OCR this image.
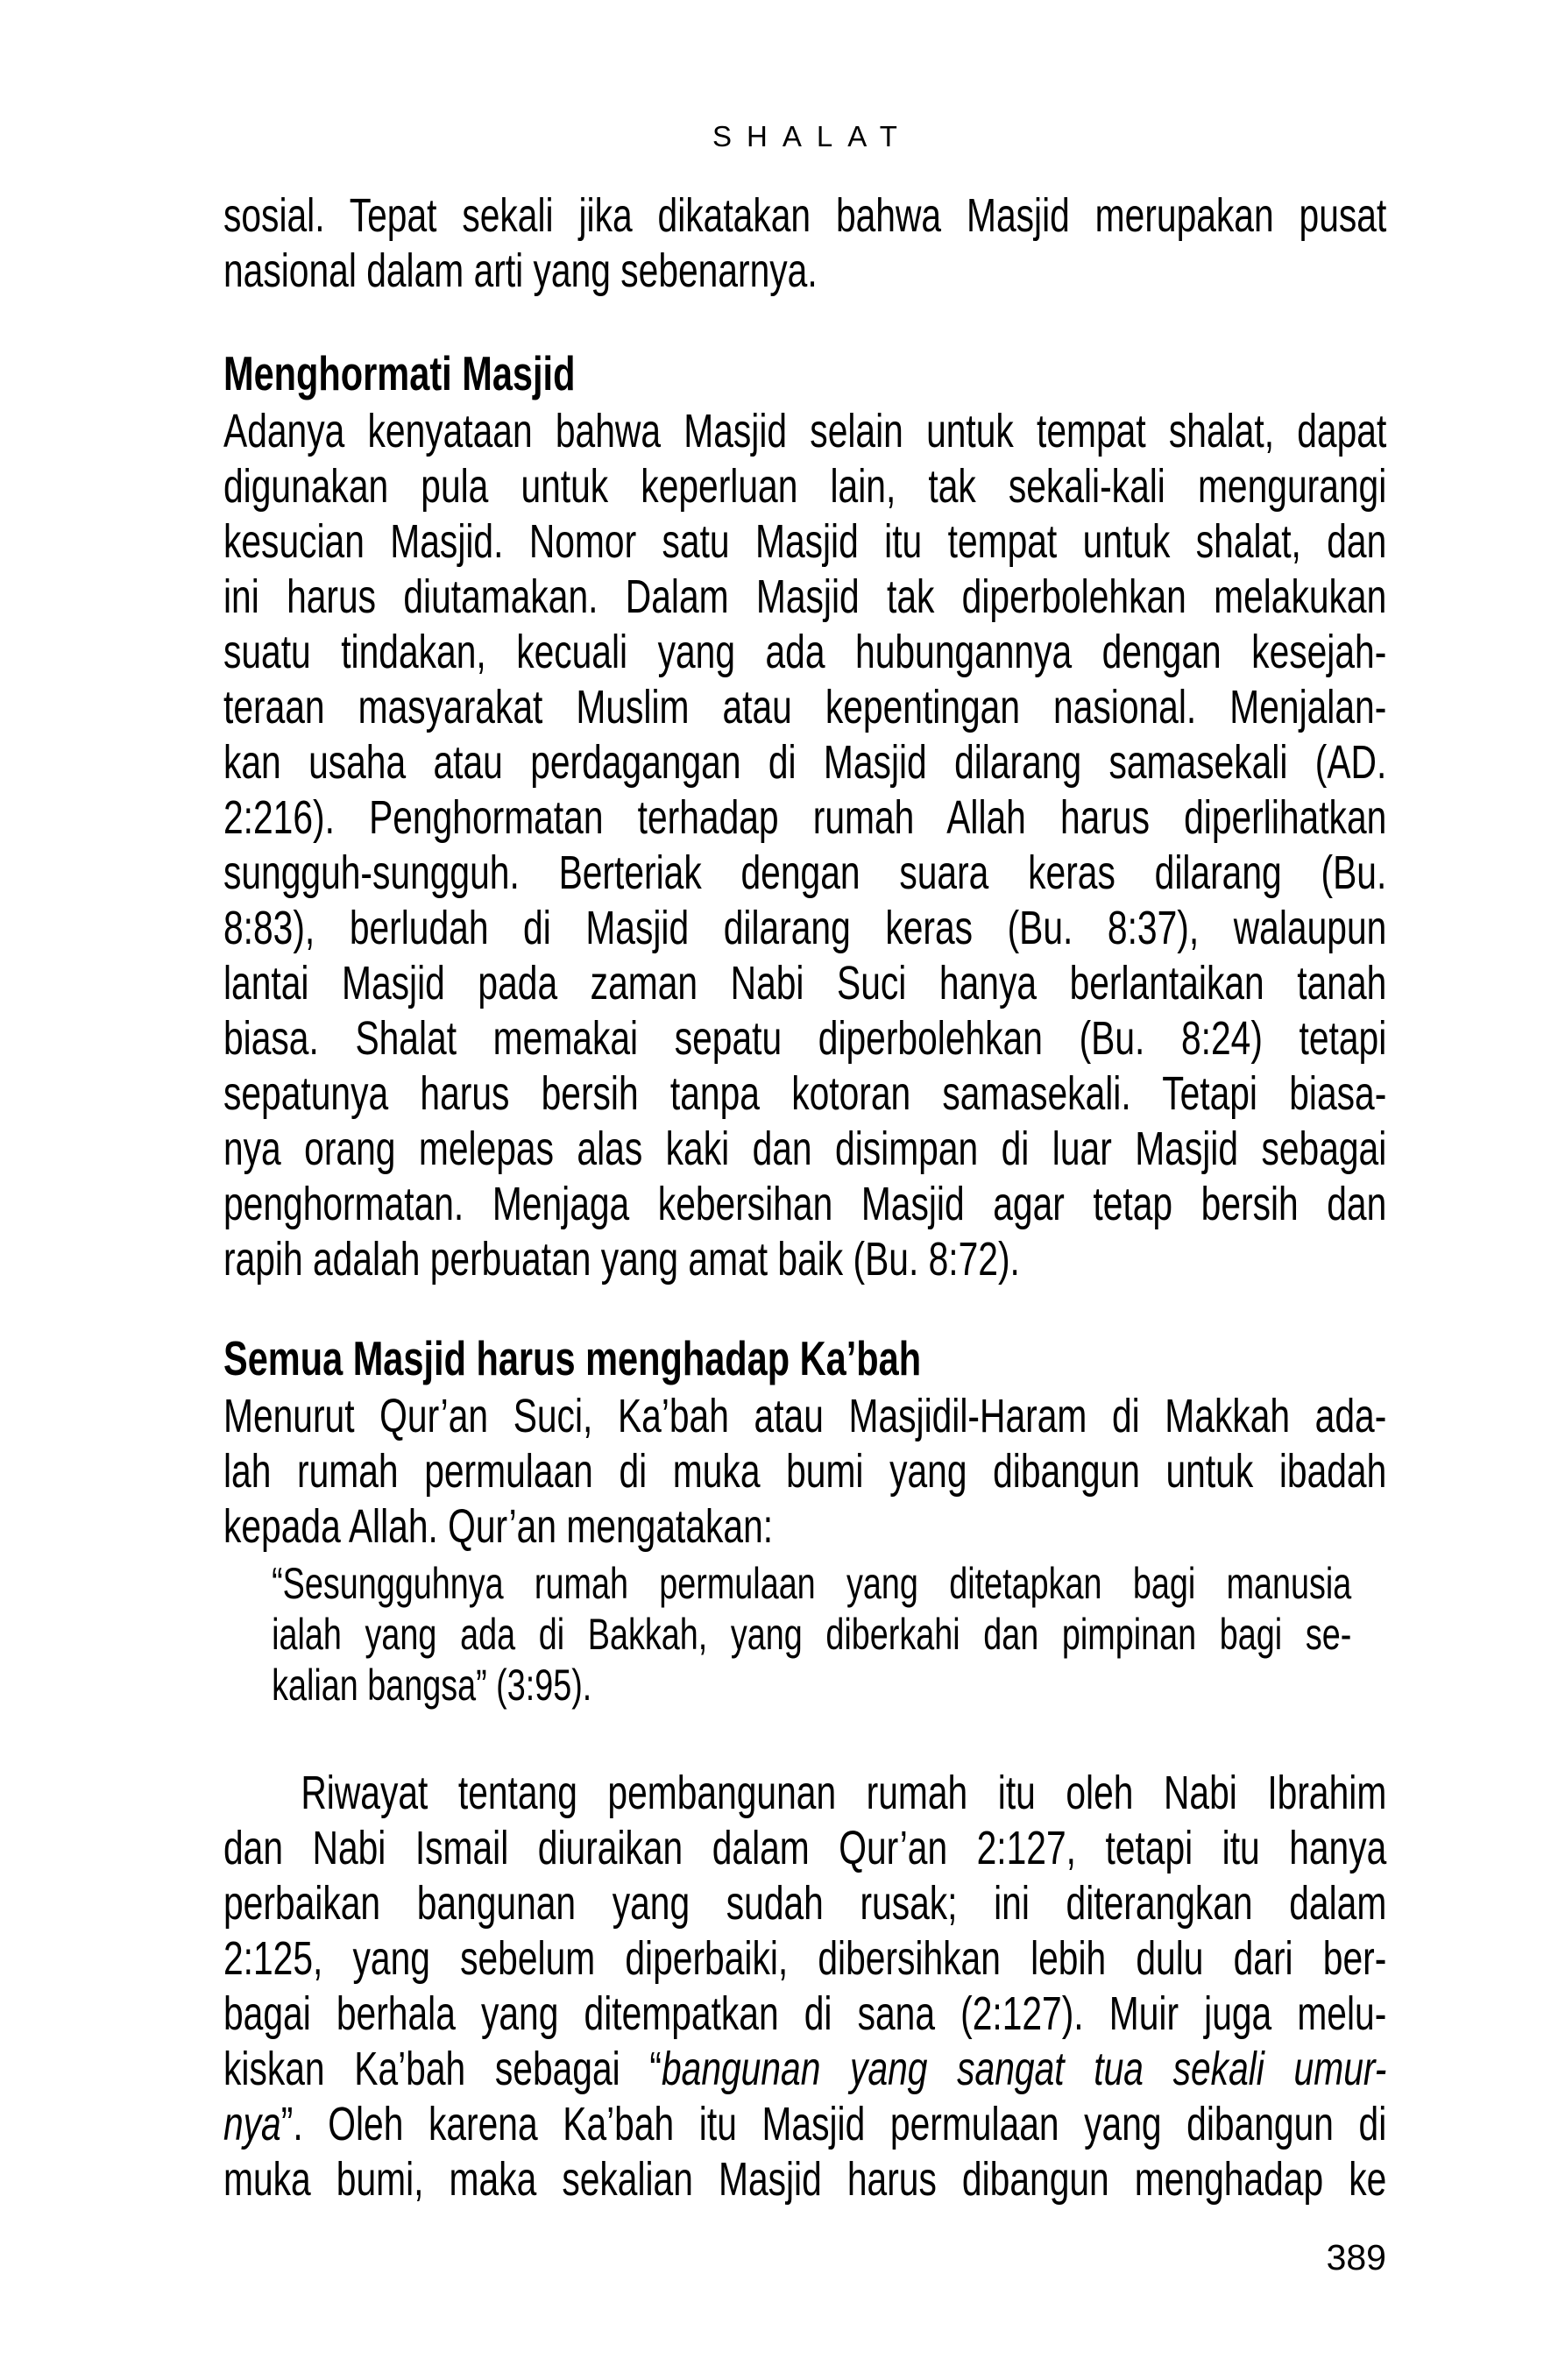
SHALAT
sosial. Tepat sekali jika dikatakan bahwa Masjid merupakan pusat
nasional dalam arti yang sebenarnya.
Menghormati Masjid
Adanya kenyataan bahwa Masjid selain untuk tempat shalat, dapat
digunakan pula untuk keperluan lain, tak sekali-kali mengurangi
kesucian Masjid. Nomor satu Masjid itu tempat untuk shalat, dan
ini harus diutamakan. Dalam Masjid tak diperbolehkan melakukan
suatu tindakan, kecuali yang ada hubungannya dengan kesejah-
teraan masyarakat Muslim atau kepentingan nasional. Menjalan-
kan usaha atau perdagangan di Masjid dilarang samasekali (AD.
2:216). Penghormatan terhadap rumah Allah harus diperlihatkan
sungguh-sungguh. Berteriak dengan suara keras dilarang (Bu.
8:83), berludah di Masjid dilarang keras (Bu. 8:37), walaupun
lantai Masjid pada zaman Nabi Suci hanya berlantaikan tanah
biasa. Shalat memakai sepatu diperbolehkan (Bu. 8:24) tetapi
sepatunya harus bersih tanpa kotoran samasekali. Tetapi biasa-
nya orang melepas alas kaki dan disimpan di luar Masjid sebagai
penghormatan. Menjaga kebersihan Masjid agar tetap bersih dan
rapih adalah perbuatan yang amat baik (Bu. 8:72).
Semua Masjid harus menghadap Ka’bah
Menurut Qur’an Suci, Ka’bah atau Masjidil-Haram di Makkah ada-
lah rumah permulaan di muka bumi yang dibangun untuk ibadah
kepada Allah. Qur’an mengatakan:
“Sesungguhnya rumah permulaan yang ditetapkan bagi manusia
ialah yang ada di Bakkah, yang diberkahi dan pimpinan bagi se-
kalian bangsa” (3:95).
Riwayat tentang pembangunan rumah itu oleh Nabi Ibrahim
dan Nabi Ismail diuraikan dalam Qur’an 2:127, tetapi itu hanya
perbaikan bangunan yang sudah rusak; ini diterangkan dalam
2:125, yang sebelum diperbaiki, dibersihkan lebih dulu dari ber-
bagai berhala yang ditempatkan di sana (2:127). Muir juga melu-
kiskan Ka’bah sebagai “bangunan yang sangat tua sekali umur-
nya”. Oleh karena Ka’bah itu Masjid permulaan yang dibangun di
muka bumi, maka sekalian Masjid harus dibangun menghadap ke
389
